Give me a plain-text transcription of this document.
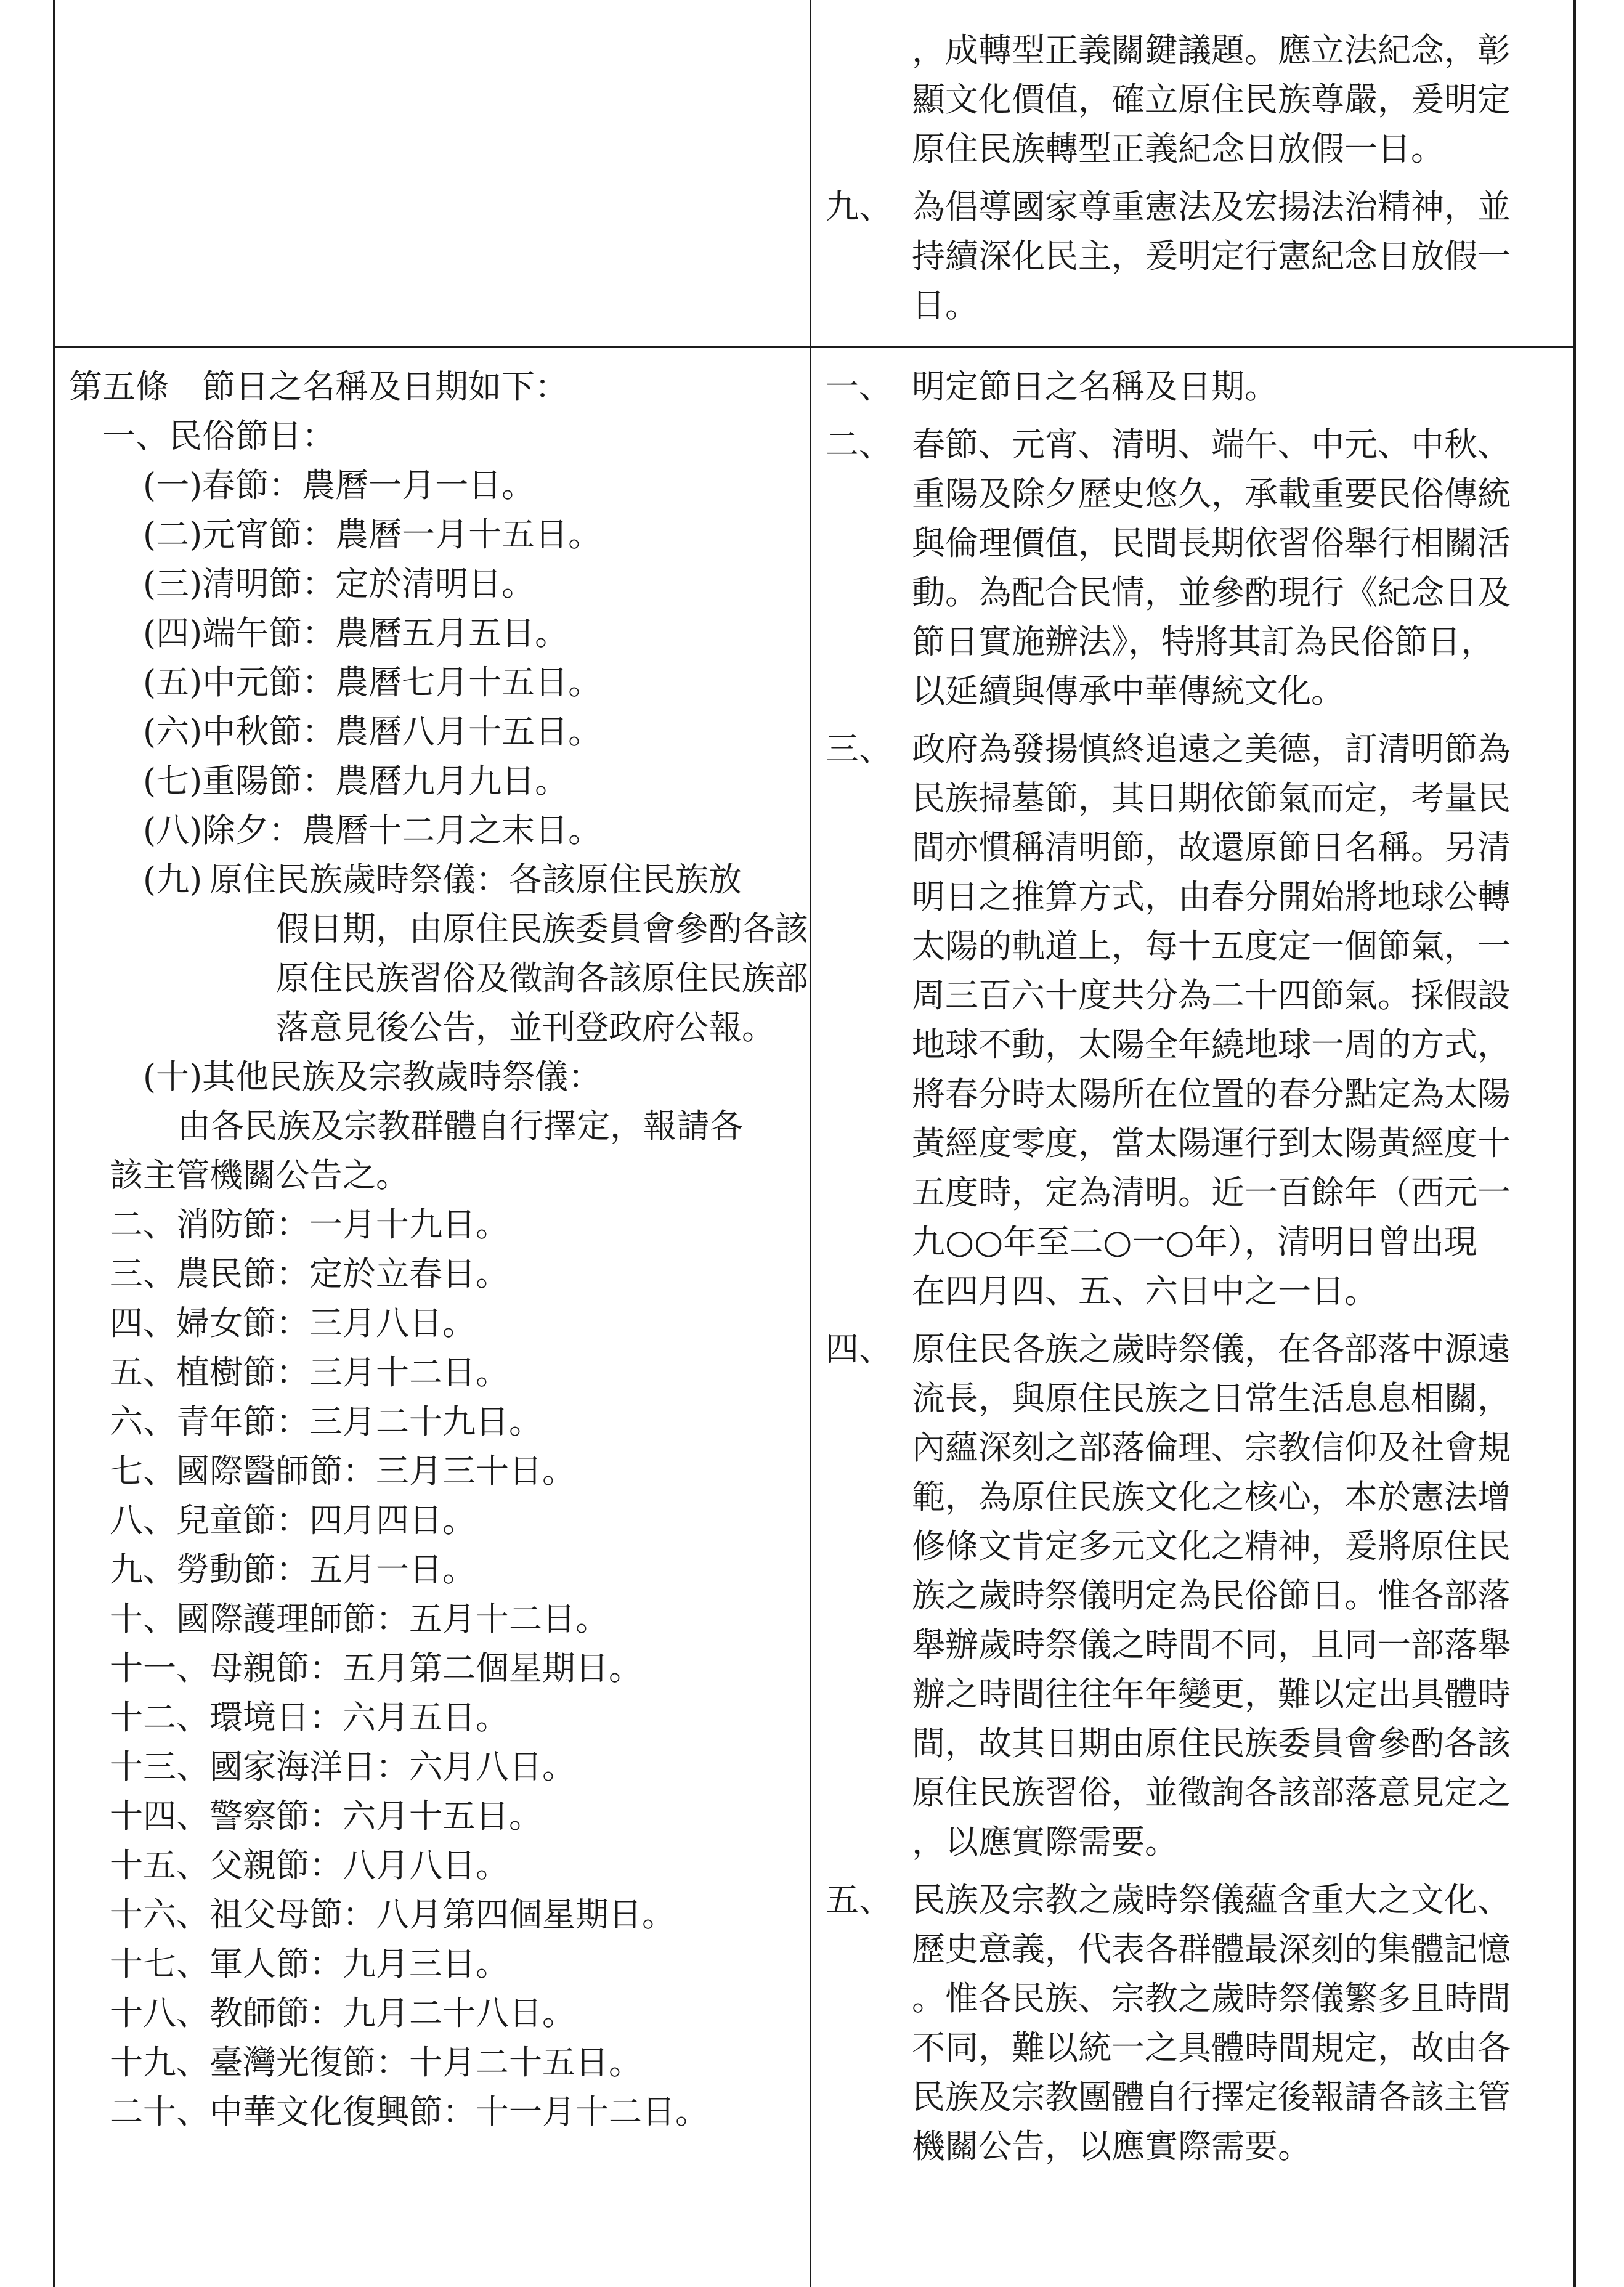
，成轉型正義關鍵議題。應立法紀念，彰
顯文化價值，確立原住民族尊嚴，爰明定
原住民族轉型正義紀念日放假一日。
九、 為倡導國家尊重憲法及宏揚法治精神，並
持續深化民主，爰明定行憲紀念日放假一
日。
第五條　節日之名稱及日期如下：
一、民俗節日：
(一)春節：農曆一月一日。
(二)元宵節：農曆一月十五日。
(三)清明節：定於清明日。
(四)端午節：農曆五月五日。
(五)中元節：農曆七月十五日。
(六)中秋節：農曆八月十五日。
(七)重陽節：農曆九月九日。
(八)除夕：農曆十二月之末日。
(九) 原住民族歲時祭儀：各該原住民族放
假日期，由原住民族委員會參酌各該
原住民族習俗及徵詢各該原住民族部
落意見後公告，並刊登政府公報。
(十)其他民族及宗教歲時祭儀：
由各民族及宗教群體自行擇定，報請各
該主管機關公告之。
二、消防節：一月十九日。
三、農民節：定於立春日。
四、婦女節：三月八日。
五、植樹節：三月十二日。
六、青年節：三月二十九日。
七、國際醫師節：三月三十日。
八、兒童節：四月四日。
九、勞動節：五月一日。
十、國際護理師節：五月十二日。
十一、母親節：五月第二個星期日。
十二、環境日：六月五日。
十三、國家海洋日：六月八日。
十四、警察節：六月十五日。
十五、父親節：八月八日。
十六、祖父母節：八月第四個星期日。
十七、軍人節：九月三日。
十八、教師節：九月二十八日。
十九、臺灣光復節：十月二十五日。
二十、中華文化復興節：十一月十二日。
一、 明定節日之名稱及日期。
二、 春節、元宵、清明、端午、中元、中秋、
重陽及除夕歷史悠久，承載重要民俗傳統
與倫理價值，民間長期依習俗舉行相關活
動。為配合民情，並參酌現行《紀念日及
節日實施辦法》，特將其訂為民俗節日，
以延續與傳承中華傳統文化。
三、 政府為發揚慎終追遠之美德，訂清明節為
民族掃墓節，其日期依節氣而定，考量民
間亦慣稱清明節，故還原節日名稱。另清
明日之推算方式，由春分開始將地球公轉
太陽的軌道上，每十五度定一個節氣，一
周三百六十度共分為二十四節氣。採假設
地球不動，太陽全年繞地球一周的方式，
將春分時太陽所在位置的春分點定為太陽
黃經度零度，當太陽運行到太陽黃經度十
五度時，定為清明。近一百餘年（西元一
九○○年至二○一○年），清明日曾出現
在四月四、五、六日中之一日。
四、 原住民各族之歲時祭儀，在各部落中源遠
流長，與原住民族之日常生活息息相關，
內蘊深刻之部落倫理、宗教信仰及社會規
範，為原住民族文化之核心，本於憲法增
修條文肯定多元文化之精神，爰將原住民
族之歲時祭儀明定為民俗節日。惟各部落
舉辦歲時祭儀之時間不同，且同一部落舉
辦之時間往往年年變更，難以定出具體時
間，故其日期由原住民族委員會參酌各該
原住民族習俗，並徵詢各該部落意見定之
，以應實際需要。
五、 民族及宗教之歲時祭儀蘊含重大之文化、
歷史意義，代表各群體最深刻的集體記憶
。惟各民族、宗教之歲時祭儀繁多且時間
不同，難以統一之具體時間規定，故由各
民族及宗教團體自行擇定後報請各該主管
機關公告，以應實際需要。
